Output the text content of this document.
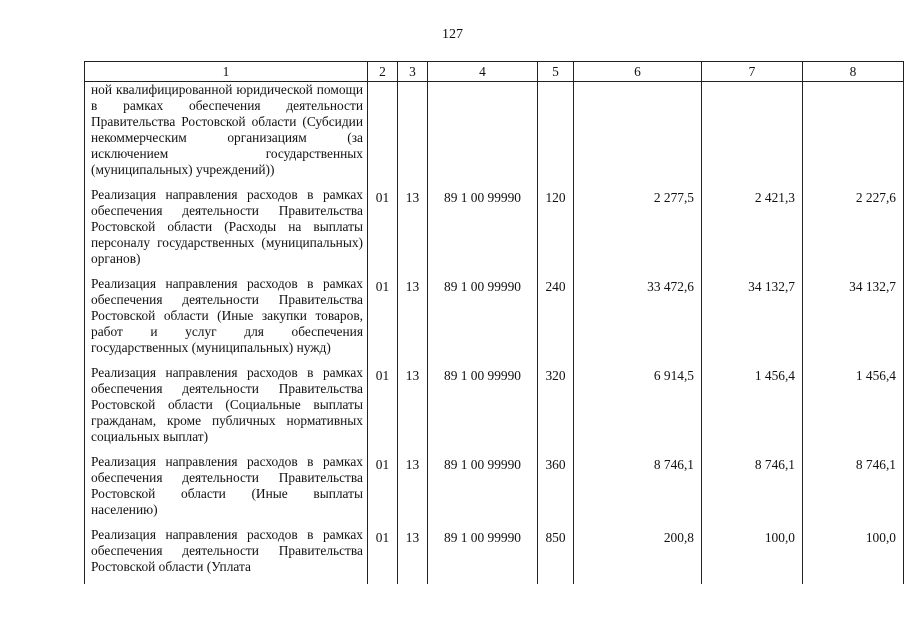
127
1	2	3	4	5	6	7	8
ной квалифицированной юридической помощи в рамках обеспечения деятельности Правительства Ростовской области (Субсидии некоммерческим организациям (за исключением государственных (муниципальных) учреждений))							
Реализация направления расходов в рамках обеспечения деятельности Правительства Ростовской области (Расходы на выплаты персоналу государственных (муниципальных) органов)	01	13	89 1 00 99990	120	2 277,5	2 421,3	2 227,6
Реализация направления расходов в рамках обеспечения деятельности Правительства Ростовской области (Иные закупки товаров, работ и услуг для обеспечения государственных (муниципальных) нужд)	01	13	89 1 00 99990	240	33 472,6	34 132,7	34 132,7
Реализация направления расходов в рамках обеспечения деятельности Правительства Ростовской области (Социальные выплаты гражданам, кроме публичных нормативных социальных выплат)	01	13	89 1 00 99990	320	6 914,5	1 456,4	1 456,4
Реализация направления расходов в рамках обеспечения деятельности Правительства Ростовской области (Иные выплаты населению)	01	13	89 1 00 99990	360	8 746,1	8 746,1	8 746,1
Реализация направления расходов в рамках обеспечения деятельности Правительства Ростовской области (Уплата	01	13	89 1 00 99990	850	200,8	100,0	100,0
